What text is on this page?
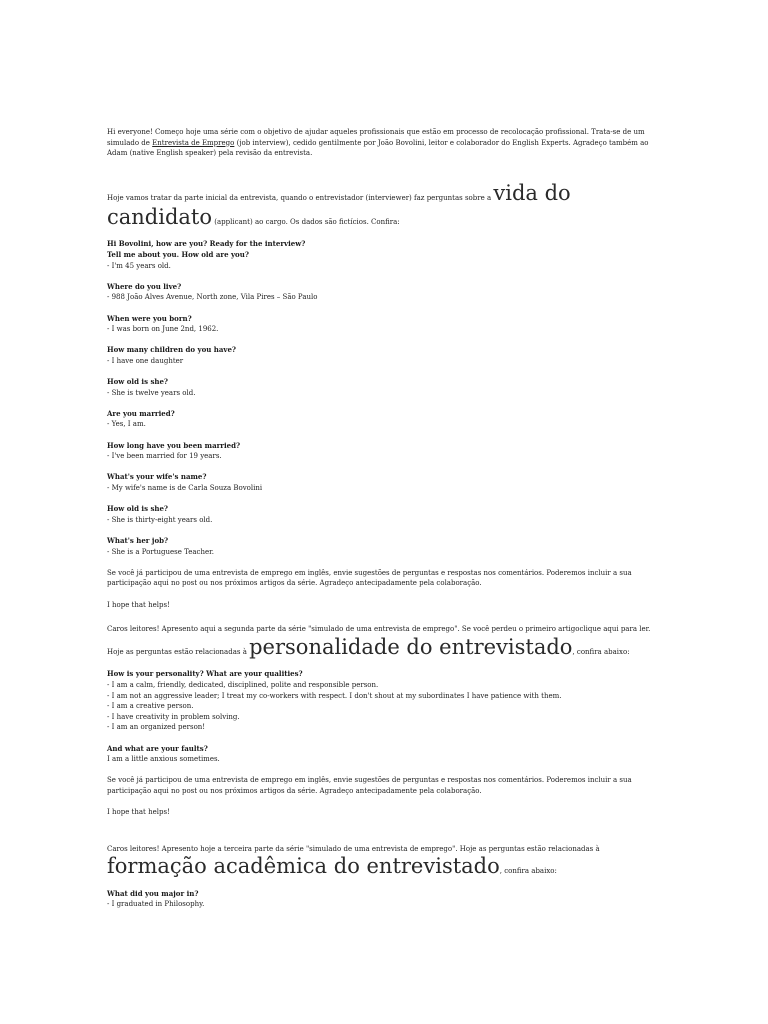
Hi everyone! Começo hoje uma série com o objetivo de ajudar aqueles profissionais que estão em processo de recolocação profissional. Trata-se de um simulado de Entrevista de Emprego (job interview), cedido gentilmente por João Bovolini, leitor e colaborador do English Experts. Agradeço também ao Adam (native English speaker) pela revisão da entrevista.

Hoje vamos tratar da parte inicial da entrevista, quando o entrevistador (interviewer) faz perguntas sobre a vida do candidato (applicant) ao cargo. Os dados são fictícios. Confira:

Hi Bovolini, how are you? Ready for the interview?

Tell me about you. How old are you?

- I'm 45 years old.

Where do you live?

- 988 João Alves Avenue, North zone, Vila Pires – São Paulo

When were you born?

- I was born on June 2nd, 1962.

How many children do you have?

- I have one daughter

How old is she?

- She is twelve years old.

Are you married?

- Yes, I am.

How long have you been married?

- I've been married for 19 years.

What's your wife's name?

- My wife's name is de Carla Souza Bovolini

How old is she?

- She is thirty-eight years old.

What's her job?

- She is a Portuguese Teacher.

Se você já participou de uma entrevista de emprego em inglês, envie sugestões de perguntas e respostas nos comentários. Poderemos incluir a sua participação aqui no post ou nos próximos artigos da série. Agradeço antecipadamente pela colaboração.

I hope that helps!

Caros leitores! Apresento aqui a segunda parte da série "simulado de uma entrevista de emprego". Se você perdeu o primeiro artigoclique aqui para ler. Hoje as perguntas estão relacionadas à personalidade do entrevistado, confira abaixo:

How is your personality? What are your qualities?

- I am a calm, friendly, dedicated, disciplined, polite and responsible person.

- I am not an aggressive leader; I treat my co-workers with respect. I don't shout at my subordinates I have patience with them.

- I am a creative person.

- I have creativity in problem solving.

- I am an organized person!

And what are your faults?

I am a little anxious sometimes.

Se você já participou de uma entrevista de emprego em inglês, envie sugestões de perguntas e respostas nos comentários. Poderemos incluir a sua participação aqui no post ou nos próximos artigos da série. Agradeço antecipadamente pela colaboração.

I hope that helps!

Caros leitores! Apresento hoje a terceira parte da série "simulado de uma entrevista de emprego". Hoje as perguntas estão relacionadas à formação acadêmica do entrevistado, confira abaixo:

What did you major in?

- I graduated in Philosophy.
